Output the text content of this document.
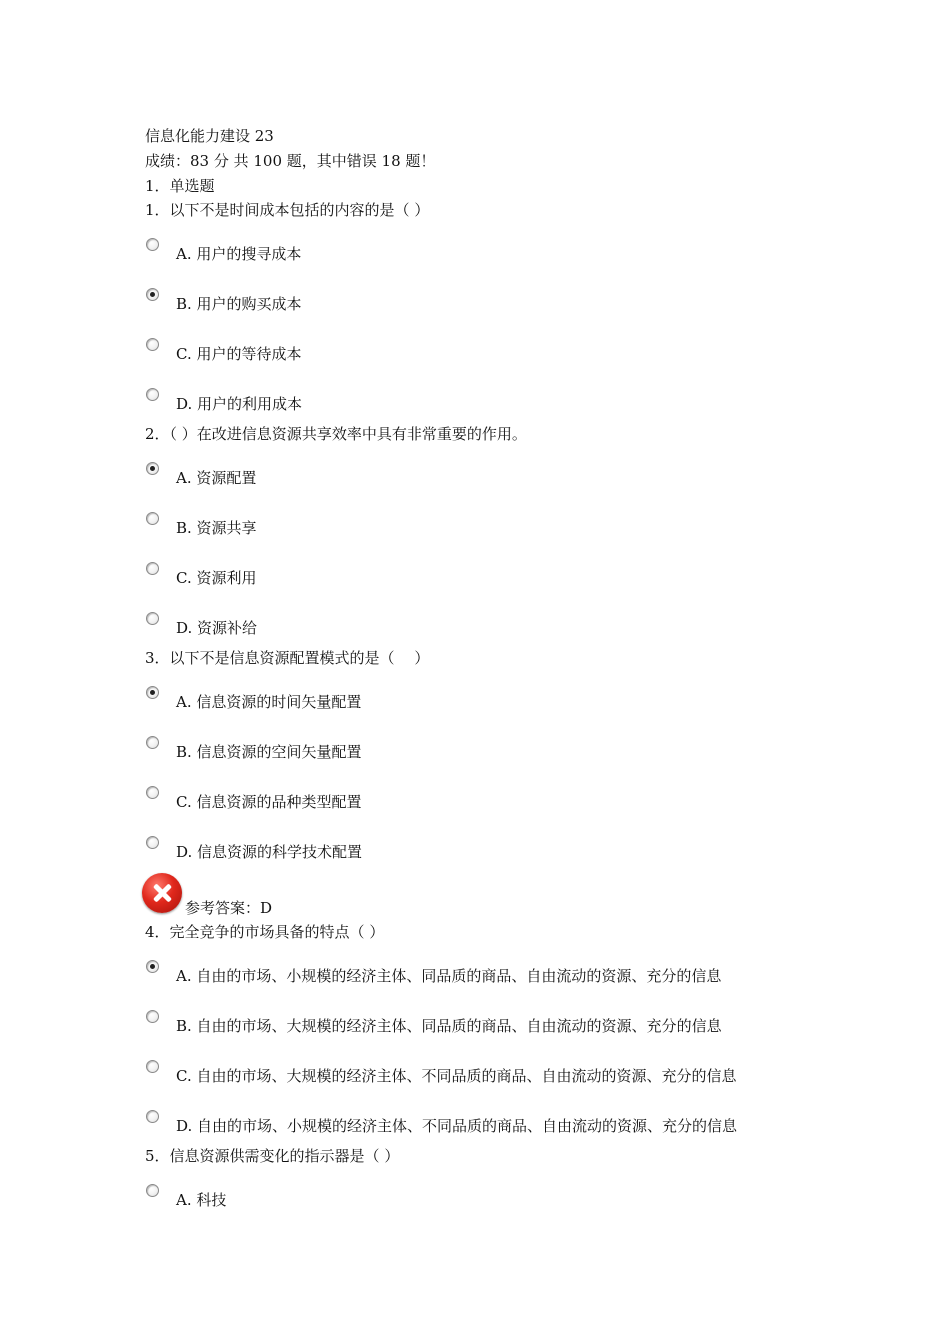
信息化能力建设 23
成绩：83 分 共 100 题，其中错误 18 题！
1．单选题
1．以下不是时间成本包括的内容的是（ ）
A. 用户的搜寻成本
B. 用户的购买成本
C. 用户的等待成本
D. 用户的利用成本
2．（ ）在改进信息资源共享效率中具有非常重要的作用。
A. 资源配置
B. 资源共享
C. 资源利用
D. 资源补给
3．以下不是信息资源配置模式的是（　 ）
A. 信息资源的时间矢量配置
B. 信息资源的空间矢量配置
C. 信息资源的品种类型配置
D. 信息资源的科学技术配置
参考答案：D
4．完全竞争的市场具备的特点（ ）
A. 自由的市场、小规模的经济主体、同品质的商品、自由流动的资源、充分的信息
B. 自由的市场、大规模的经济主体、同品质的商品、自由流动的资源、充分的信息
C. 自由的市场、大规模的经济主体、不同品质的商品、自由流动的资源、充分的信息
D. 自由的市场、小规模的经济主体、不同品质的商品、自由流动的资源、充分的信息
5．信息资源供需变化的指示器是（ ）
A. 科技
